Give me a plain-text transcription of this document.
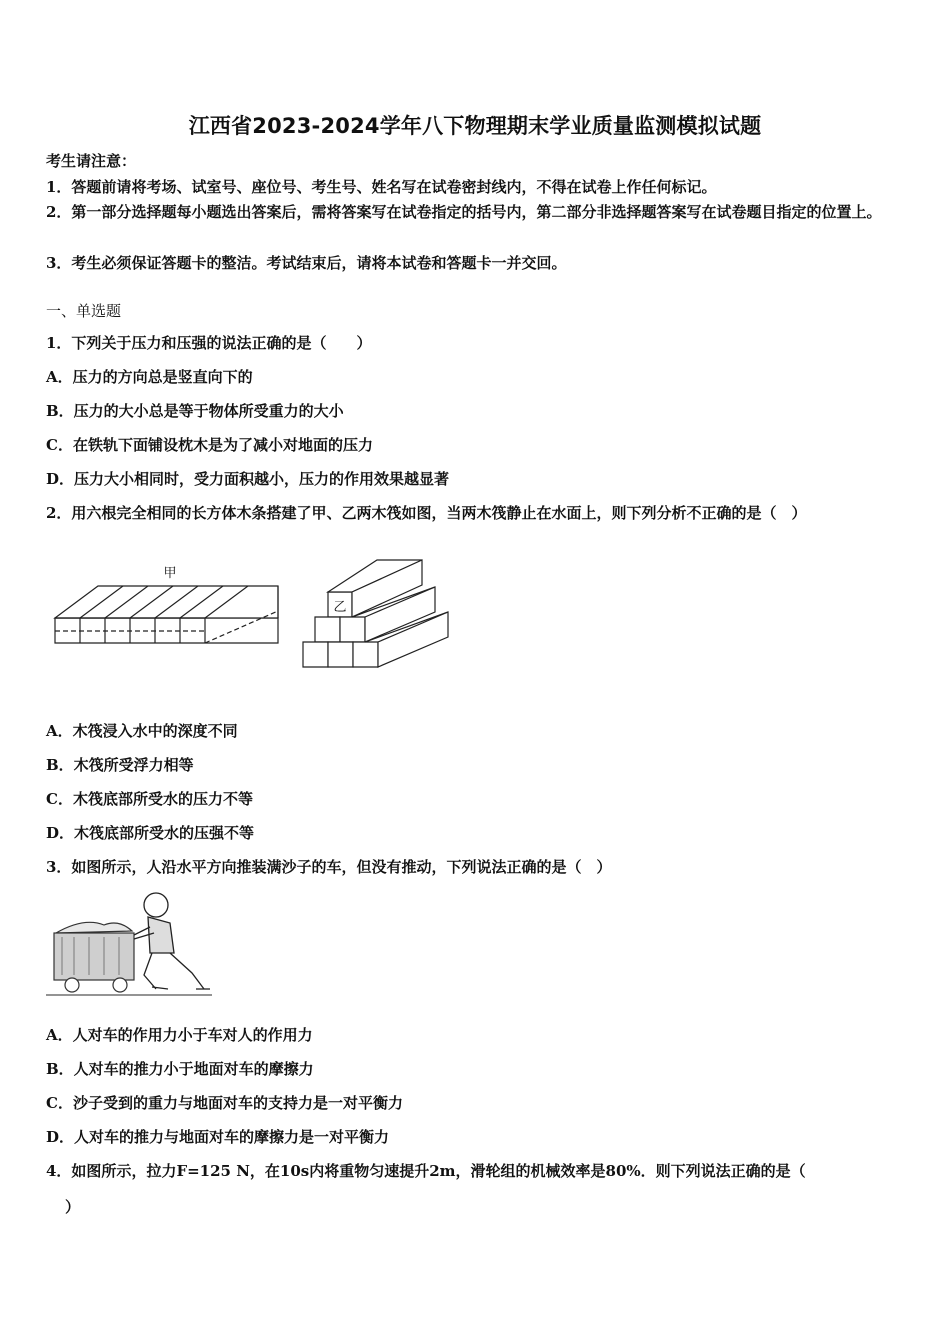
江西省2023-2024学年八下物理期末学业质量监测模拟试题
考生请注意：
1．答题前请将考场、试室号、座位号、考生号、姓名写在试卷密封线内，不得在试卷上作任何标记。
2．第一部分选择题每小题选出答案后，需将答案写在试卷指定的括号内，第二部分非选择题答案写在试卷题目指定的位置上。
3．考生必须保证答题卡的整洁。考试结束后，请将本试卷和答题卡一并交回。
一、单选题
1．下列关于压力和压强的说法正确的是（　　）
A．压力的方向总是竖直向下的
B．压力的大小总是等于物体所受重力的大小
C．在铁轨下面铺设枕木是为了减小对地面的压力
D．压力大小相同时，受力面积越小，压力的作用效果越显著
2．用六根完全相同的长方体木条搭建了甲、乙两木筏如图，当两木筏静止在水面上，则下列分析不正确的是（　）
甲
乙
A．木筏浸入水中的深度不同
B．木筏所受浮力相等
C．木筏底部所受水的压力不等
D．木筏底部所受水的压强不等
3．如图所示，人沿水平方向推装满沙子的车，但没有推动，下列说法正确的是（　）
A．人对车的作用力小于车对人的作用力
B．人对车的推力小于地面对车的摩擦力
C．沙子受到的重力与地面对车的支持力是一对平衡力
D．人对车的推力与地面对车的摩擦力是一对平衡力
4．如图所示，拉力F=125 N，在10s内将重物匀速提升2m，滑轮组的机械效率是80%．则下列说法正确的是（
　）
